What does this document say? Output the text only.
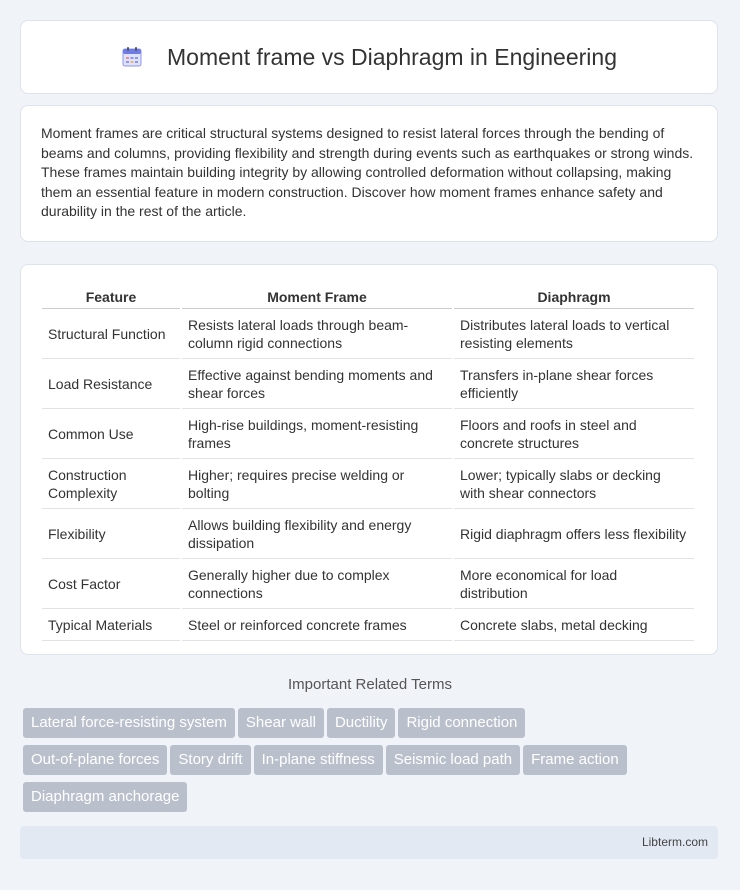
Moment frame vs Diaphragm in Engineering

Moment frames are critical structural systems designed to resist lateral forces through the bending of beams and columns, providing flexibility and strength during events such as earthquakes or strong winds. These frames maintain building integrity by allowing controlled deformation without collapsing, making them an essential feature in modern construction. Discover how moment frames enhance safety and durability in the rest of the article.

Feature	Moment Frame	Diaphragm
Structural Function	Resists lateral loads through beam-column rigid connections	Distributes lateral loads to vertical resisting elements
Load Resistance	Effective against bending moments and shear forces	Transfers in-plane shear forces efficiently
Common Use	High-rise buildings, moment-resisting frames	Floors and roofs in steel and concrete structures
Construction Complexity	Higher; requires precise welding or bolting	Lower; typically slabs or decking with shear connectors
Flexibility	Allows building flexibility and energy dissipation	Rigid diaphragm offers less flexibility
Cost Factor	Generally higher due to complex connections	More economical for load distribution
Typical Materials	Steel or reinforced concrete frames	Concrete slabs, metal decking
Important Related Terms
Lateral force-resisting system Shear wall Ductility Rigid connection
Out-of-plane forces Story drift In-plane stiffness Seismic load path Frame action
Diaphragm anchorage
Libterm.com
